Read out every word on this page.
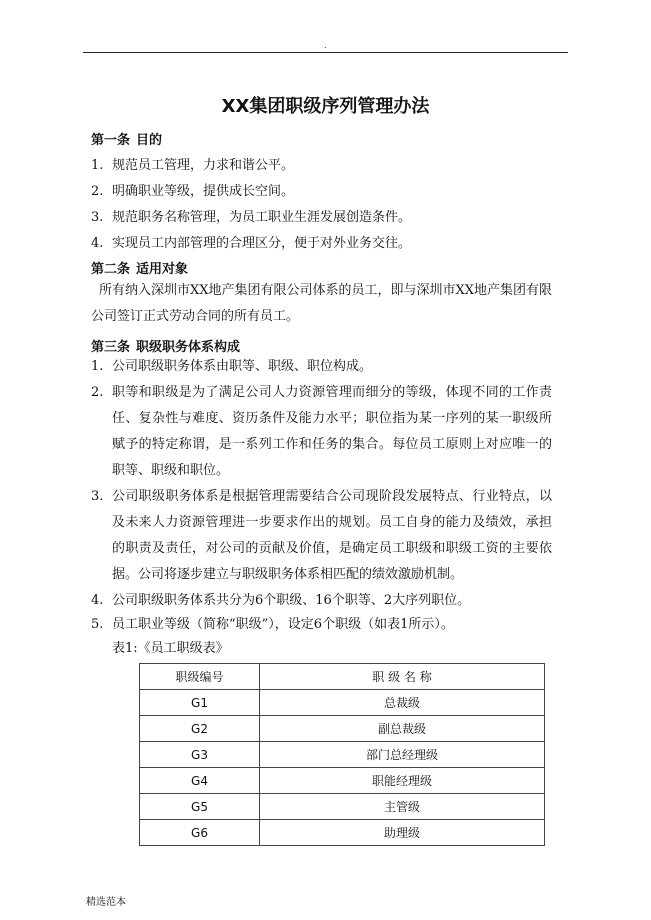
.
XX集团职级序列管理办法
第一条 目的
1. 规范员工管理，力求和谐公平。
2. 明确职业等级，提供成长空间。
3. 规范职务名称管理，为员工职业生涯发展创造条件。
4. 实现员工内部管理的合理区分，便于对外业务交往。
第二条 适用对象
所有纳入深圳市XX地产集团有限公司体系的员工，即与深圳市XX地产集团有限公司签订正式劳动合同的所有员工。
第三条 职级职务体系构成
1. 公司职级职务体系由职等、职级、职位构成。
2. 职等和职级是为了满足公司人力资源管理而细分的等级，体现不同的工作责任、复杂性与难度、资历条件及能力水平；职位指为某一序列的某一职级所赋予的特定称谓，是一系列工作和任务的集合。每位员工原则上对应唯一的职等、职级和职位。
3. 公司职级职务体系是根据管理需要结合公司现阶段发展特点、行业特点，以及未来人力资源管理进一步要求作出的规划。员工自身的能力及绩效，承担的职责及责任，对公司的贡献及价值，是确定员工职级和职级工资的主要依据。公司将逐步建立与职级职务体系相匹配的绩效激励机制。
4. 公司职级职务体系共分为6个职级、16个职等、2大序列职位。
5. 员工职业等级（简称“职级”），设定6个职级（如表1所示）。
表1:《员工职级表》
职级编号	职 级 名 称
G1	总裁级
G2	副总裁级
G3	部门总经理级
G4	职能经理级
G5	主管级
G6	助理级
精选范本
